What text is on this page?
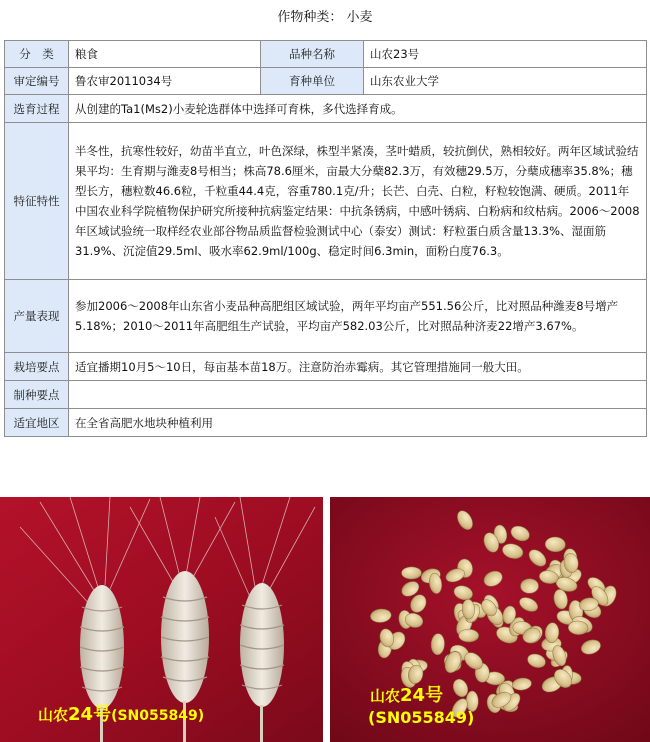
作物种类： 小麦
分　类	粮食	品种名称	山农23号
审定编号	鲁农审2011034号	育种单位	山东农业大学
选育过程	从创建的Ta1(Ms2)小麦轮选群体中选择可育株，多代选择育成。		
特征特性	半冬性，抗寒性较好，幼苗半直立，叶色深绿，株型半紧凑，茎叶蜡质，较抗倒伏，熟相较好。两年区域试验结果平均：生育期与潍麦8号相当；株高78.6厘米，亩最大分蘖82.3万，有效穗29.5万，分蘖成穗率35.8%；穗型长方，穗粒数46.6粒，千粒重44.4克，容重780.1克/升；长芒、白壳、白粒，籽粒较饱满、硬质。2011年中国农业科学院植物保护研究所接种抗病鉴定结果：中抗条锈病，中感叶锈病、白粉病和纹枯病。2006～2008年区域试验统一取样经农业部谷物品质监督检验测试中心（泰安）测试：籽粒蛋白质含量13.3%、湿面筋31.9%、沉淀值29.5ml、吸水率62.9ml/100g、稳定时间6.3min，面粉白度76.3。		
产量表现	参加2006～2008年山东省小麦品种高肥组区域试验，两年平均亩产551.56公斤，比对照品种潍麦8号增产5.18%；2010～2011年高肥组生产试验，平均亩产582.03公斤，比对照品种济麦22增产3.67%。		
栽培要点	适宜播期10月5～10日，每亩基本苗18万。注意防治赤霉病。其它管理措施同一般大田。		
制种要点			
适宜地区	在全省高肥水地块种植利用		
山农24号(SN055849)
山农24号
(SN055849)
